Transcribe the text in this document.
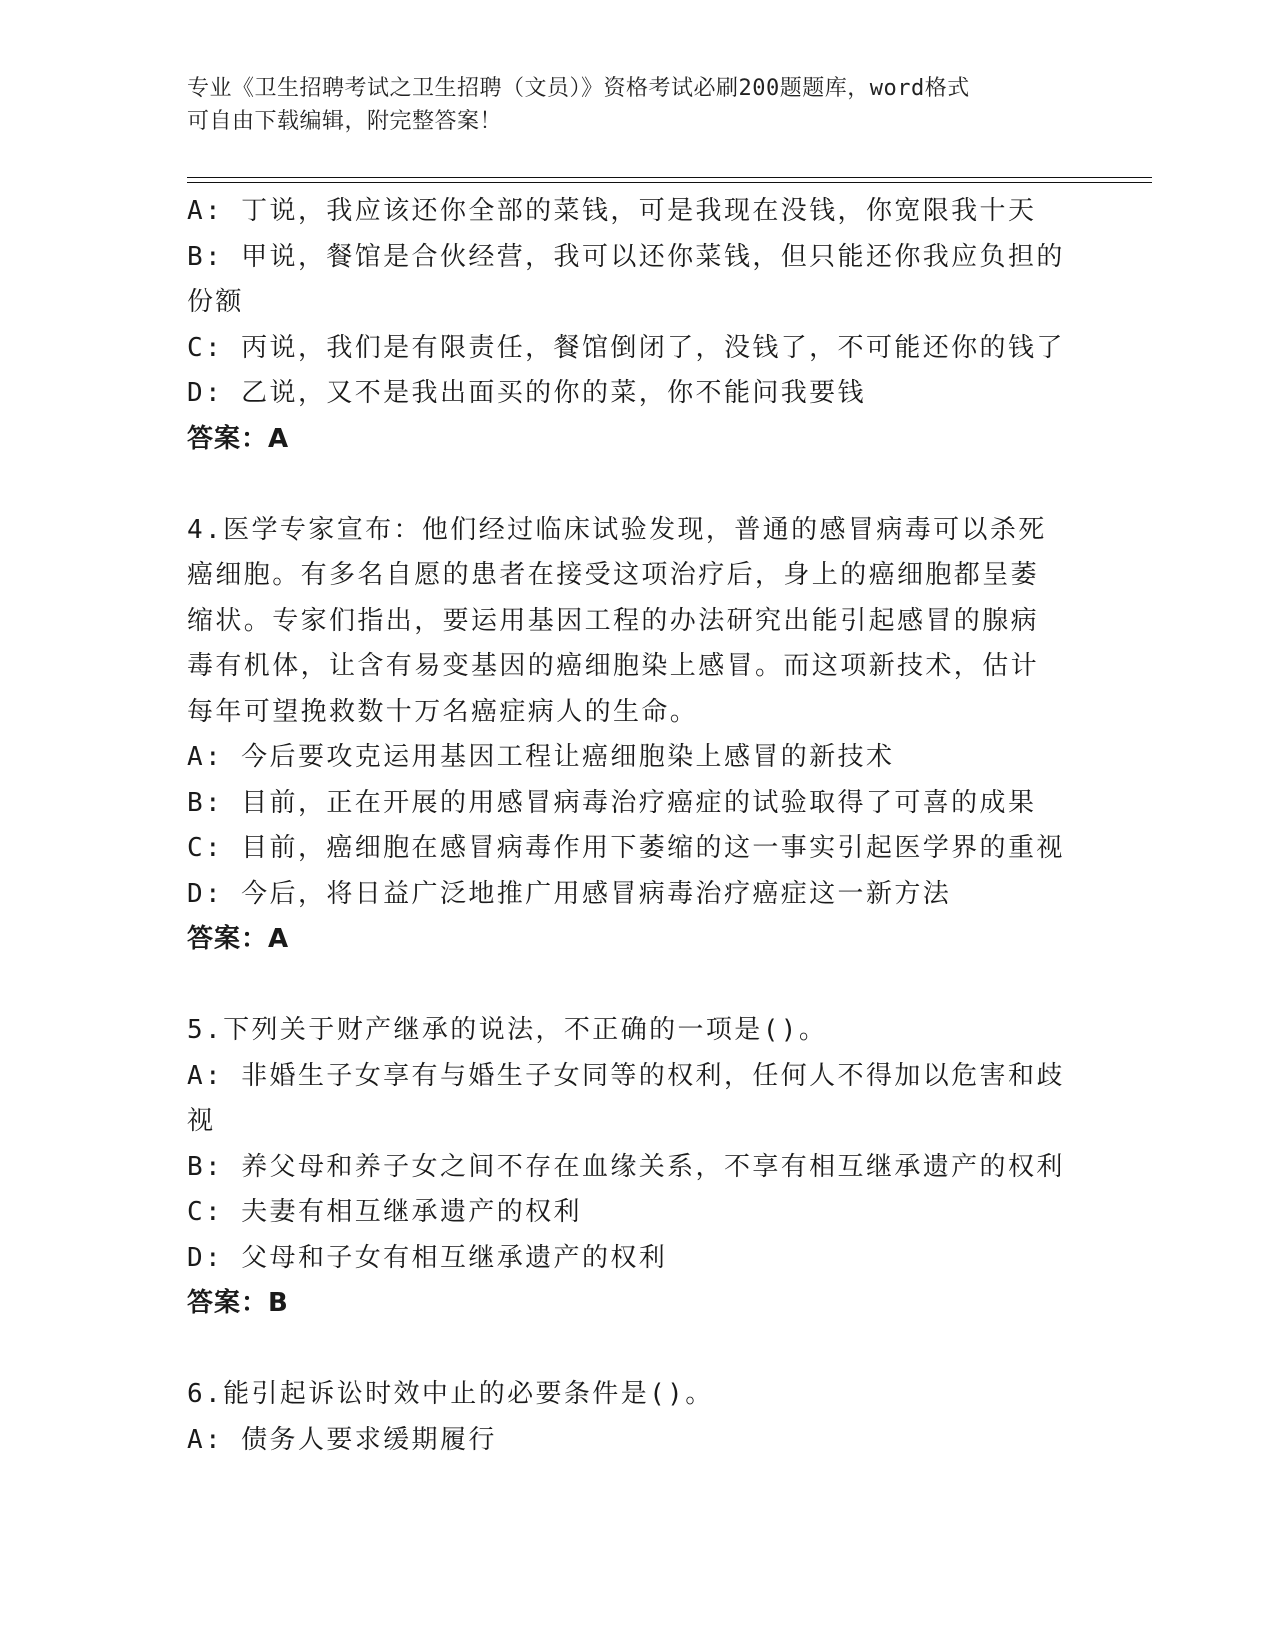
专业《卫生招聘考试之卫生招聘（文员）》资格考试必刷200题题库，word格式
可自由下载编辑，附完整答案！
A: 丁说，我应该还你全部的菜钱，可是我现在没钱，你宽限我十天
B: 甲说，餐馆是合伙经营，我可以还你菜钱，但只能还你我应负担的
份额
C: 丙说，我们是有限责任，餐馆倒闭了，没钱了，不可能还你的钱了
D: 乙说，又不是我出面买的你的菜，你不能问我要钱
答案：A
4.医学专家宣布：他们经过临床试验发现，普通的感冒病毒可以杀死
癌细胞。有多名自愿的患者在接受这项治疗后，身上的癌细胞都呈萎
缩状。专家们指出，要运用基因工程的办法研究出能引起感冒的腺病
毒有机体，让含有易变基因的癌细胞染上感冒。而这项新技术，估计
每年可望挽救数十万名癌症病人的生命。
A: 今后要攻克运用基因工程让癌细胞染上感冒的新技术
B: 目前，正在开展的用感冒病毒治疗癌症的试验取得了可喜的成果
C: 目前，癌细胞在感冒病毒作用下萎缩的这一事实引起医学界的重视
D: 今后，将日益广泛地推广用感冒病毒治疗癌症这一新方法
答案：A
5.下列关于财产继承的说法，不正确的一项是()。
A: 非婚生子女享有与婚生子女同等的权利，任何人不得加以危害和歧
视
B: 养父母和养子女之间不存在血缘关系，不享有相互继承遗产的权利
C: 夫妻有相互继承遗产的权利
D: 父母和子女有相互继承遗产的权利
答案：B
6.能引起诉讼时效中止的必要条件是()。
A: 债务人要求缓期履行
